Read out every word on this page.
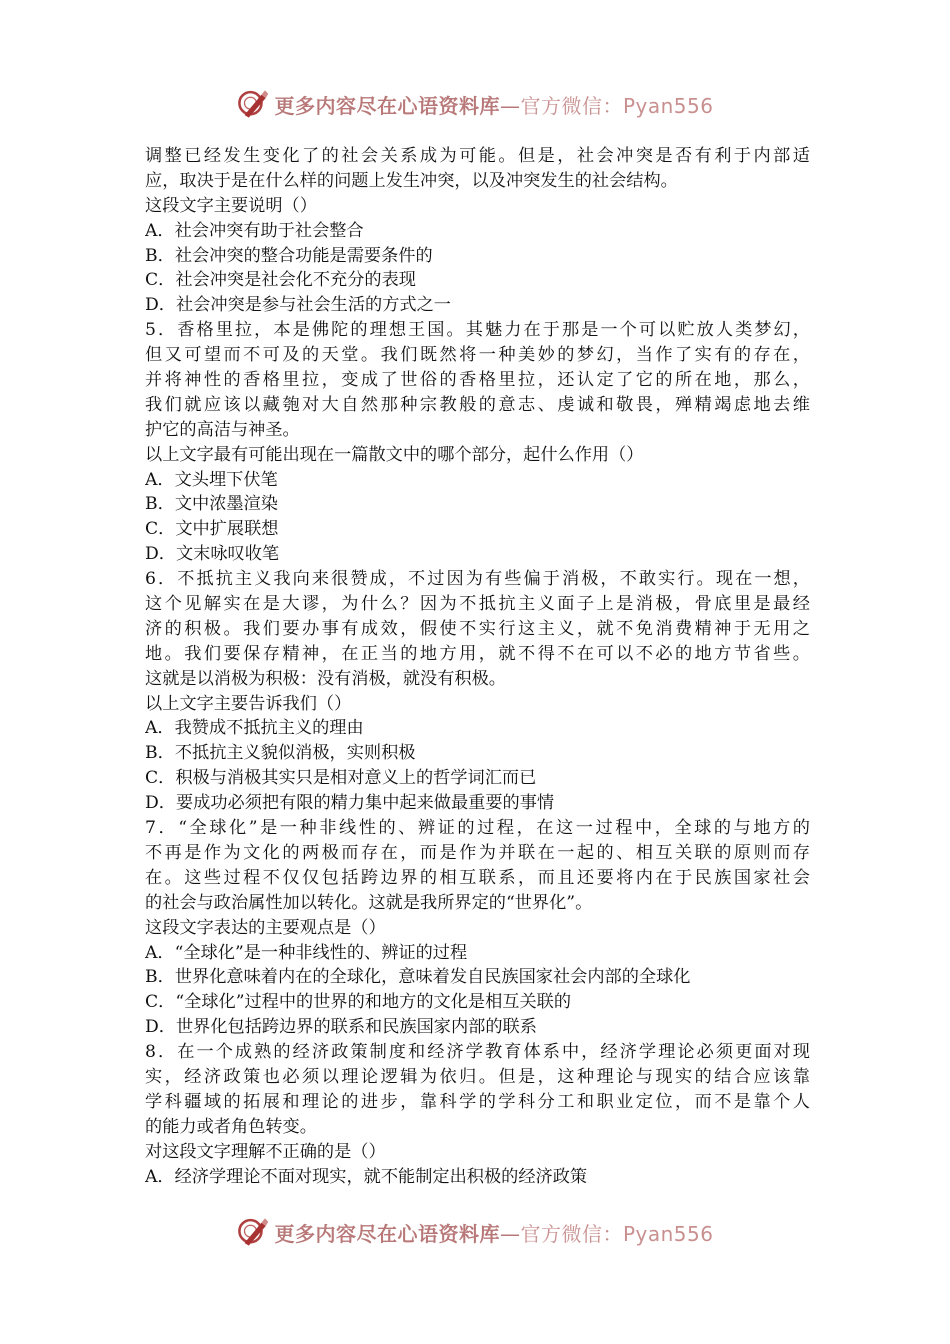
更多内容尽在心语资料库—官方微信：Pyan556
调整已经发生变化了的社会关系成为可能。但是，社会冲突是否有利于内部适
应，取决于是在什么样的问题上发生冲突，以及冲突发生的社会结构。
这段文字主要说明（）
A．社会冲突有助于社会整合
B．社会冲突的整合功能是需要条件的
C．社会冲突是社会化不充分的表现
D．社会冲突是参与社会生活的方式之一
5．香格里拉，本是佛陀的理想王国。其魅力在于那是一个可以贮放人类梦幻，
但又可望而不可及的天堂。我们既然将一种美妙的梦幻，当作了实有的存在，
并将神性的香格里拉，变成了世俗的香格里拉，还认定了它的所在地，那么，
我们就应该以藏匏对大自然那种宗教般的意志、虔诚和敬畏，殚精竭虑地去维
护它的高洁与神圣。
以上文字最有可能出现在一篇散文中的哪个部分，起什么作用（）
A．文头埋下伏笔
B．文中浓墨渲染
C．文中扩展联想
D．文末咏叹收笔
6．不抵抗主义我向来很赞成，不过因为有些偏于消极，不敢实行。现在一想，
这个见解实在是大谬，为什么？因为不抵抗主义面子上是消极，骨底里是最经
济的积极。我们要办事有成效，假使不实行这主义，就不免消费精神于无用之
地。我们要保存精神，在正当的地方用，就不得不在可以不必的地方节省些。
这就是以消极为积极：没有消极，就没有积极。
以上文字主要告诉我们（）
A．我赞成不抵抗主义的理由
B．不抵抗主义貌似消极，实则积极
C．积极与消极其实只是相对意义上的哲学词汇而已
D．要成功必须把有限的精力集中起来做最重要的事情
7．“全球化”是一种非线性的、辨证的过程，在这一过程中，全球的与地方的
不再是作为文化的两极而存在，而是作为并联在一起的、相互关联的原则而存
在。这些过程不仅仅包括跨边界的相互联系，而且还要将内在于民族国家社会
的社会与政治属性加以转化。这就是我所界定的“世界化”。
这段文字表达的主要观点是（）
A．“全球化”是一种非线性的、辨证的过程
B．世界化意味着内在的全球化，意味着发自民族国家社会内部的全球化
C．“全球化”过程中的世界的和地方的文化是相互关联的
D．世界化包括跨边界的联系和民族国家内部的联系
8．在一个成熟的经济政策制度和经济学教育体系中，经济学理论必须更面对现
实，经济政策也必须以理论逻辑为依归。但是，这种理论与现实的结合应该靠
学科疆域的拓展和理论的进步，靠科学的学科分工和职业定位，而不是靠个人
的能力或者角色转变。
对这段文字理解不正确的是（）
A．经济学理论不面对现实，就不能制定出积极的经济政策
更多内容尽在心语资料库—官方微信：Pyan556
